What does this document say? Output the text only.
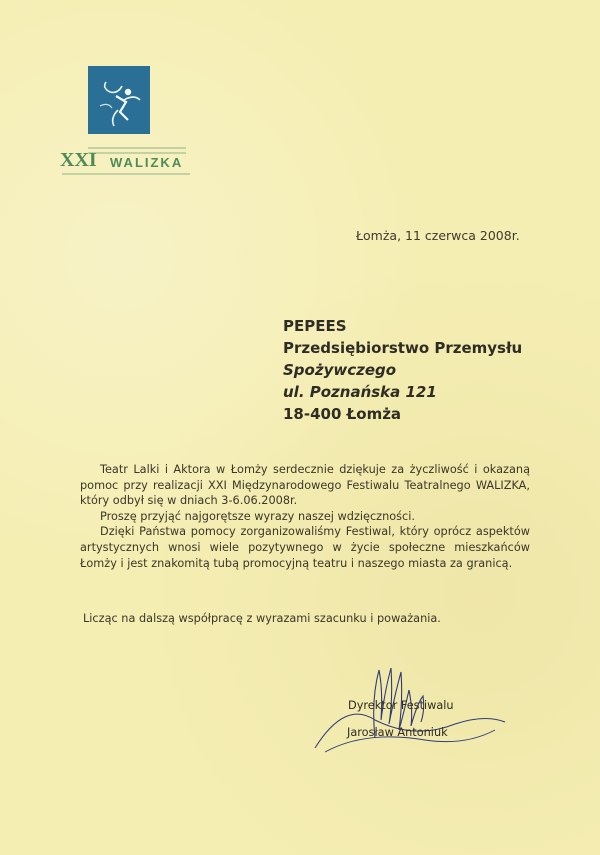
XXI WALIZKA
Łomża, 11 czerwca 2008r.
PEPEES
Przedsiębiorstwo Przemysłu
Spożywczego
ul. Poznańska 121
18-400 Łomża

Teatr Lalki i Aktora w Łomży serdecznie dziękuje za życzliwość i okazaną pomoc przy realizacji XXI Międzynarodowego Festiwalu Teatralnego WALIZKA, który odbył się w dniach 3-6.06.2008r.

Proszę przyjąć najgorętsze wyrazy naszej wdzięczności.

Dzięki Państwa pomocy zorganizowaliśmy Festiwal, który oprócz aspektów artystycznych wnosi wiele pozytywnego w życie społeczne mieszkańców Łomży i jest znakomitą tubą promocyjną teatru i naszego miasta za granicą.

Licząc na dalszą współpracę z wyrazami szacunku i poważania.
Dyrektor Festiwalu
Jarosław Antoniuk
